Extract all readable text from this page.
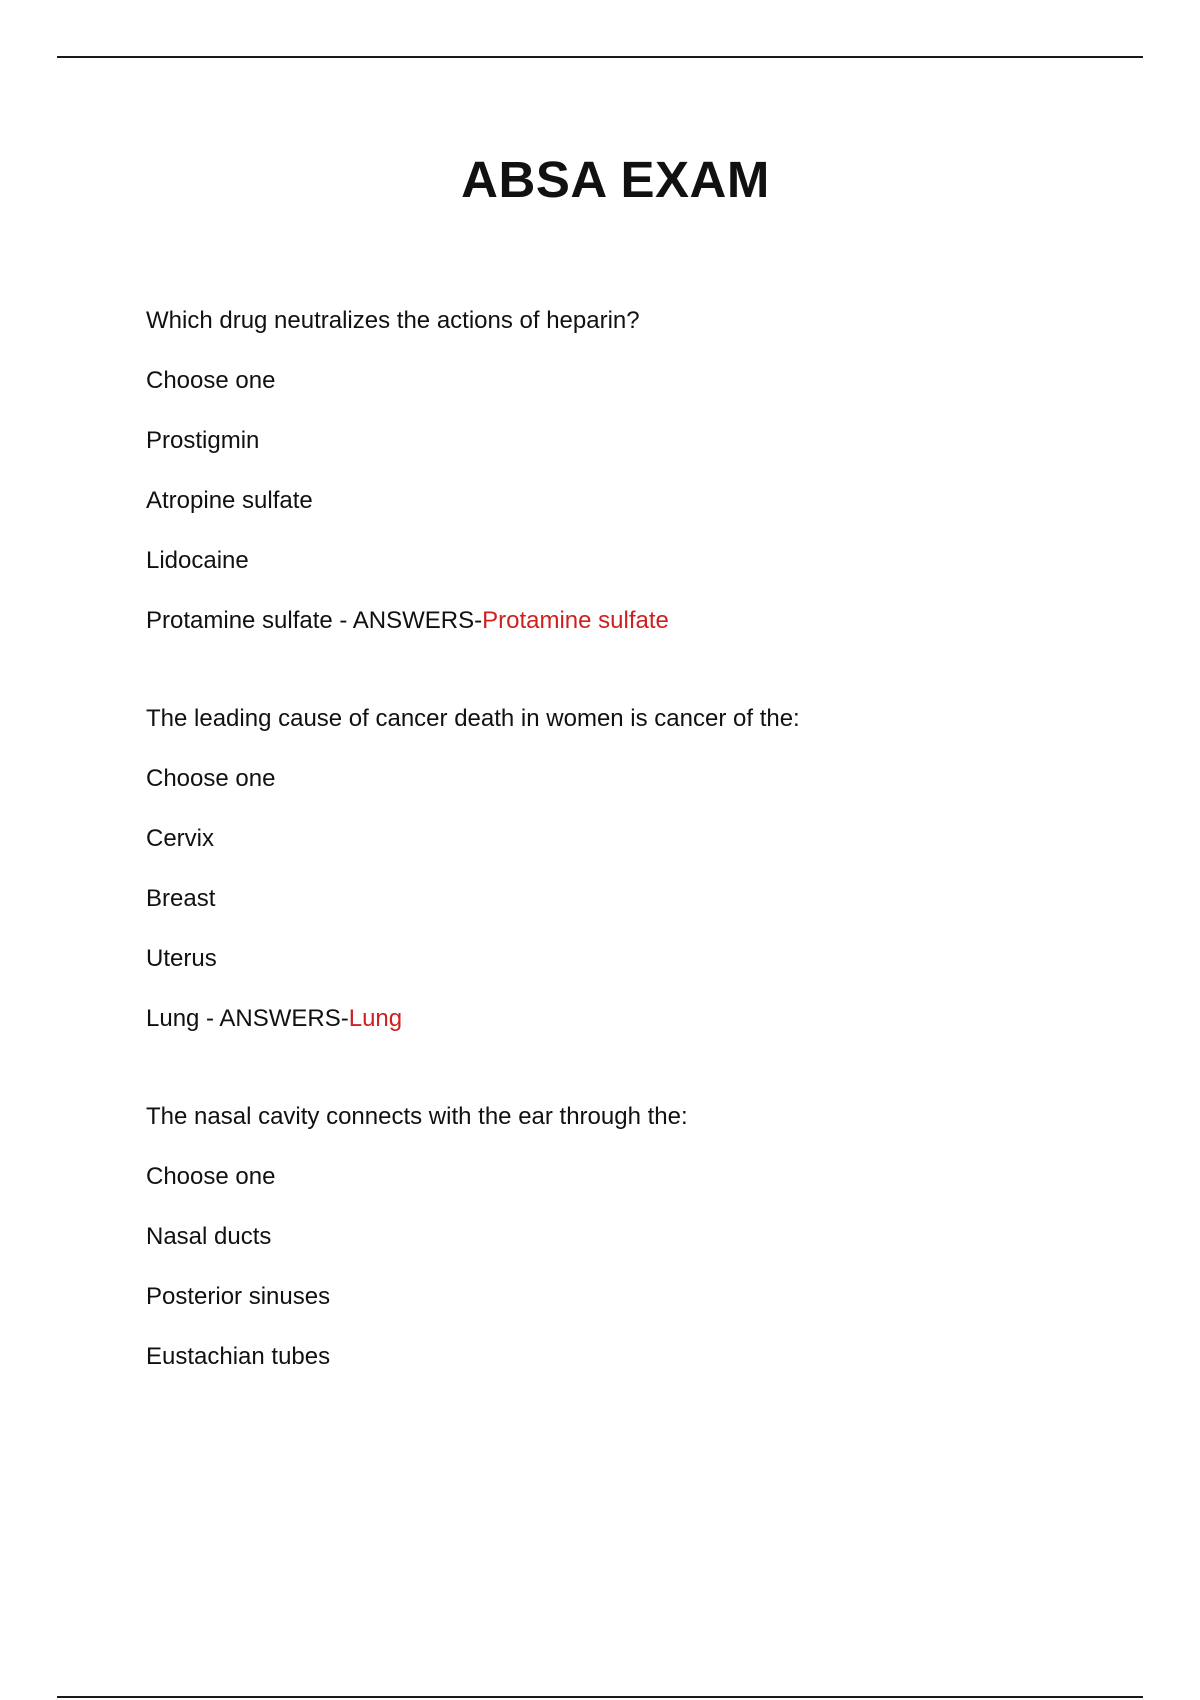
ABSA EXAM
Which drug neutralizes the actions of heparin?
Choose one
Prostigmin
Atropine sulfate
Lidocaine
Protamine sulfate - ANSWERS-Protamine sulfate
The leading cause of cancer death in women is cancer of the:
Choose one
Cervix
Breast
Uterus
Lung - ANSWERS-Lung
The nasal cavity connects with the ear through the:
Choose one
Nasal ducts
Posterior sinuses
Eustachian tubes
